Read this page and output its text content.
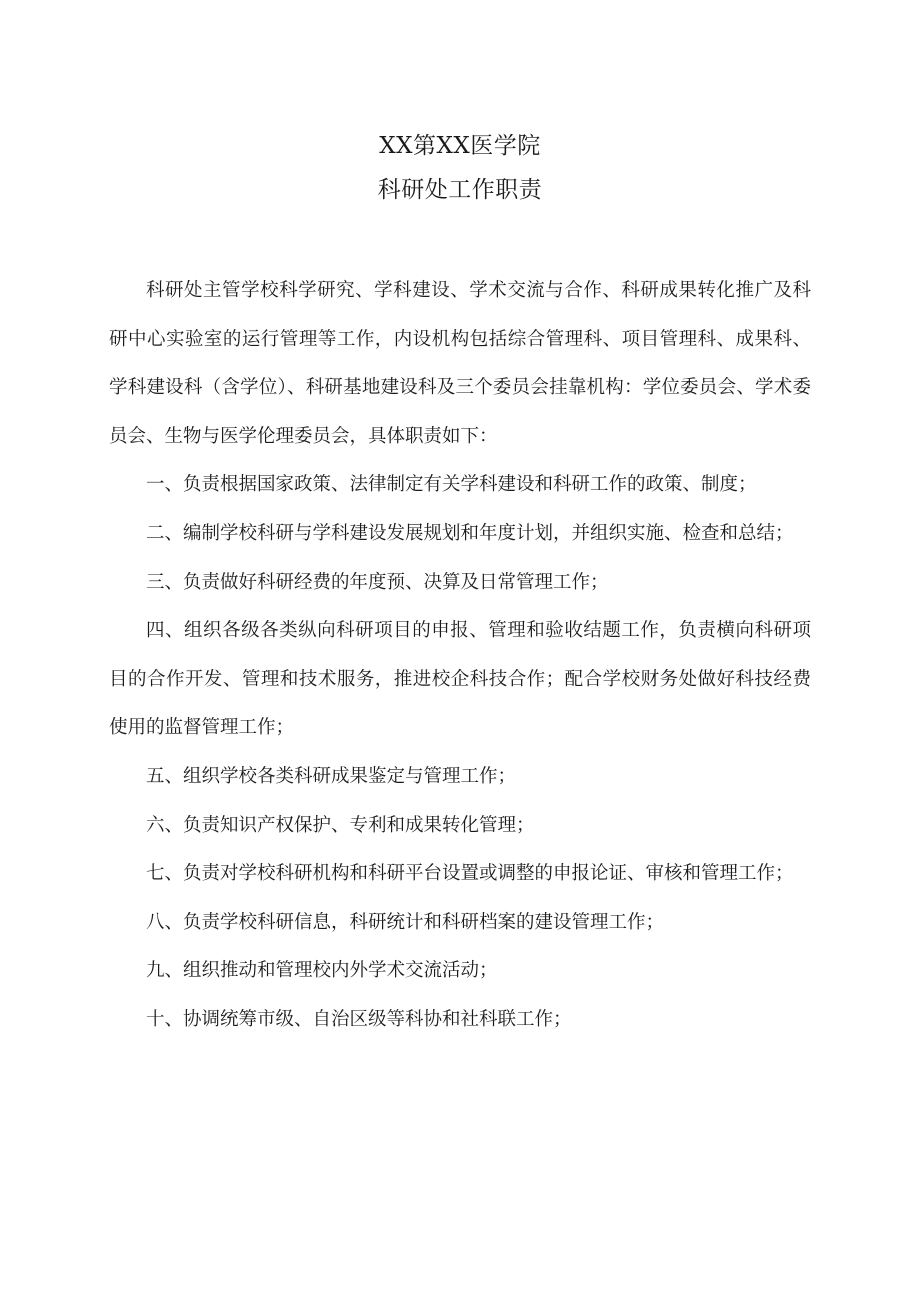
XX第XX医学院
科研处工作职责

科研处主管学校科学研究、学科建设、学术交流与合作、科研成果转化推广及科研中心实验室的运行管理等工作，内设机构包括综合管理科、项目管理科、成果科、学科建设科（含学位）、科研基地建设科及三个委员会挂靠机构：学位委员会、学术委员会、生物与医学伦理委员会，具体职责如下：

一、负责根据国家政策、法律制定有关学科建设和科研工作的政策、制度；

二、编制学校科研与学科建设发展规划和年度计划，并组织实施、检查和总结；

三、负责做好科研经费的年度预、决算及日常管理工作；

四、组织各级各类纵向科研项目的申报、管理和验收结题工作，负责横向科研项目的合作开发、管理和技术服务，推进校企科技合作；配合学校财务处做好科技经费使用的监督管理工作；

五、组织学校各类科研成果鉴定与管理工作；

六、负责知识产权保护、专利和成果转化管理；

七、负责对学校科研机构和科研平台设置或调整的申报论证、审核和管理工作；

八、负责学校科研信息，科研统计和科研档案的建设管理工作；

九、组织推动和管理校内外学术交流活动；

十、协调统筹市级、自治区级等科协和社科联工作；
